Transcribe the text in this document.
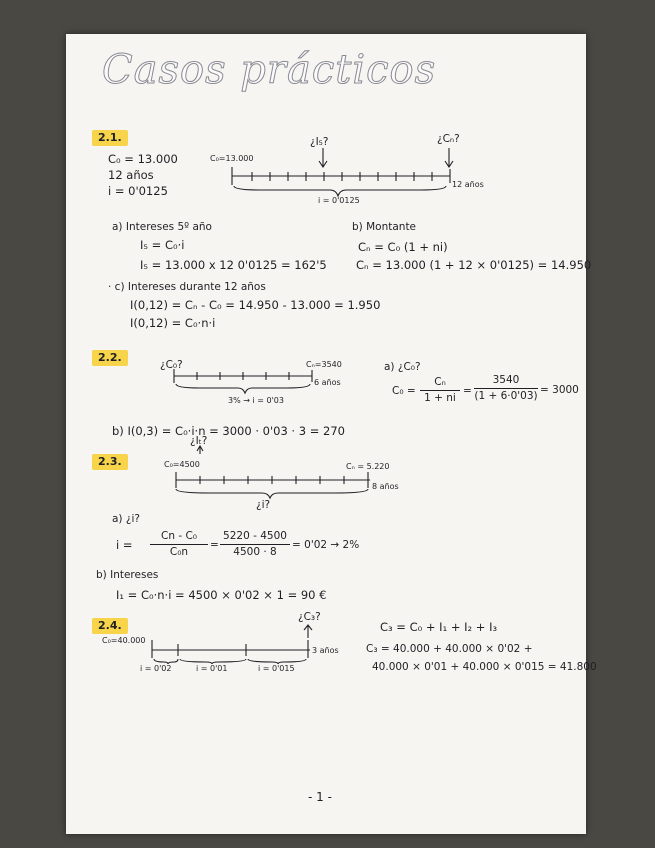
Casos prácticos
2.1.
C₀ = 13.000
12 años
i = 0'0125
C₀=13.000
¿I₅?	¿Cₙ?
12 años
i = 0'0125
a) Intereses 5º año
I₅ = C₀·i
I₅ = 13.000 x 12 0'0125 = 162'5
b) Montante
Cₙ = C₀ (1 + ni)
Cₙ = 13.000 (1 + 12 × 0'0125) = 14.950
· c) Intereses durante 12 años
I(0,12) = Cₙ - C₀ = 14.950 - 13.000 = 1.950
I(0,12) = C₀·n·i
2.2.
¿C₀?	Cₙ=3540
6 años
3% → i = 0'03
a) ¿C₀?
$C_0 = \frac{\text{Cₙ}}{1 + ni} = \frac{3540}{(1 + 6\cdot 0'03)} = 3000$
b) I(0,3) = C₀·i·n = 3000 · 0'03 · 3 = 270
2.3.
¿Iₜ?
C₀=4500	Cₙ = 5.220
8 años
¿i?
a) ¿i?
$i = \frac{\text{Cn - C₀}}{\text{C₀n}} = \frac{5220 - 4500}{4500 \cdot 8} = 0'02 \to 2\%$
b) Intereses
I₁ = C₀·n·i = 4500 × 0'02 × 1 = 90 €
2.4.
C₀=40.000
¿C₃?
3 años
i = 0'02	i = 0'01	i = 0'015
C₃ = C₀ + I₁ + I₂ + I₃
C₃ = 40.000 + 40.000 × 0'02 +
40.000 × 0'01 + 40.000 × 0'015 = 41.800
- 1 -
